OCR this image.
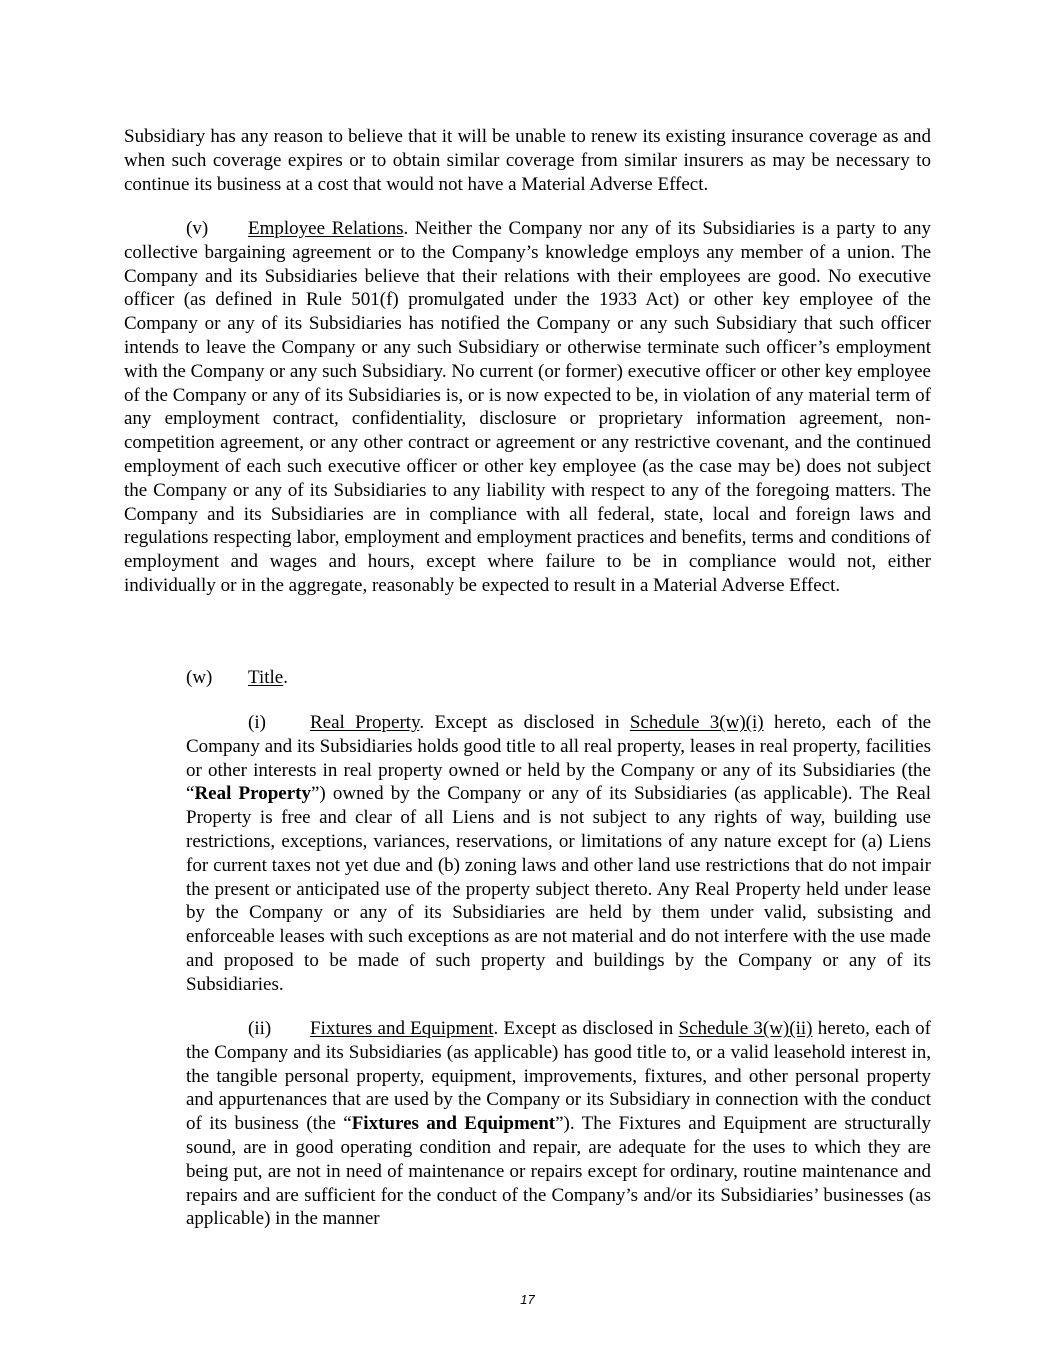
Subsidiary has any reason to believe that it will be unable to renew its existing insurance coverage as and when such coverage expires or to obtain similar coverage from similar insurers as may be necessary to continue its business at a cost that would not have a Material Adverse Effect.

(v) Employee Relations. Neither the Company nor any of its Subsidiaries is a party to any collective bargaining agreement or to the Company’s knowledge employs any member of a union. The Company and its Subsidiaries believe that their relations with their employees are good. No executive officer (as defined in Rule 501(f) promulgated under the 1933 Act) or other key employee of the Company or any of its Subsidiaries has notified the Company or any such Subsidiary that such officer intends to leave the Company or any such Subsidiary or otherwise terminate such officer’s employment with the Company or any such Subsidiary. No current (or former) executive officer or other key employee of the Company or any of its Subsidiaries is, or is now expected to be, in violation of any material term of any employment contract, confidentiality, disclosure or proprietary information agreement, non-competition agreement, or any other contract or agreement or any restrictive covenant, and the continued employment of each such executive officer or other key employee (as the case may be) does not subject the Company or any of its Subsidiaries to any liability with respect to any of the foregoing matters. The Company and its Subsidiaries are in compliance with all federal, state, local and foreign laws and regulations respecting labor, employment and employment practices and benefits, terms and conditions of employment and wages and hours, except where failure to be in compliance would not, either individually or in the aggregate, reasonably be expected to result in a Material Adverse Effect.

(w) Title.

(i) Real Property. Except as disclosed in Schedule 3(w)(i) hereto, each of the Company and its Subsidiaries holds good title to all real property, leases in real property, facilities or other interests in real property owned or held by the Company or any of its Subsidiaries (the “Real Property”) owned by the Company or any of its Subsidiaries (as applicable). The Real Property is free and clear of all Liens and is not subject to any rights of way, building use restrictions, exceptions, variances, reservations, or limitations of any nature except for (a) Liens for current taxes not yet due and (b) zoning laws and other land use restrictions that do not impair the present or anticipated use of the property subject thereto. Any Real Property held under lease by the Company or any of its Subsidiaries are held by them under valid, subsisting and enforceable leases with such exceptions as are not material and do not interfere with the use made and proposed to be made of such property and buildings by the Company or any of its Subsidiaries.

(ii) Fixtures and Equipment. Except as disclosed in Schedule 3(w)(ii) hereto, each of the Company and its Subsidiaries (as applicable) has good title to, or a valid leasehold interest in, the tangible personal property, equipment, improvements, fixtures, and other personal property and appurtenances that are used by the Company or its Subsidiary in connection with the conduct of its business (the “Fixtures and Equipment”). The Fixtures and Equipment are structurally sound, are in good operating condition and repair, are adequate for the uses to which they are being put, are not in need of maintenance or repairs except for ordinary, routine maintenance and repairs and are sufficient for the conduct of the Company’s and/or its Subsidiaries’ businesses (as applicable) in the manner

17
